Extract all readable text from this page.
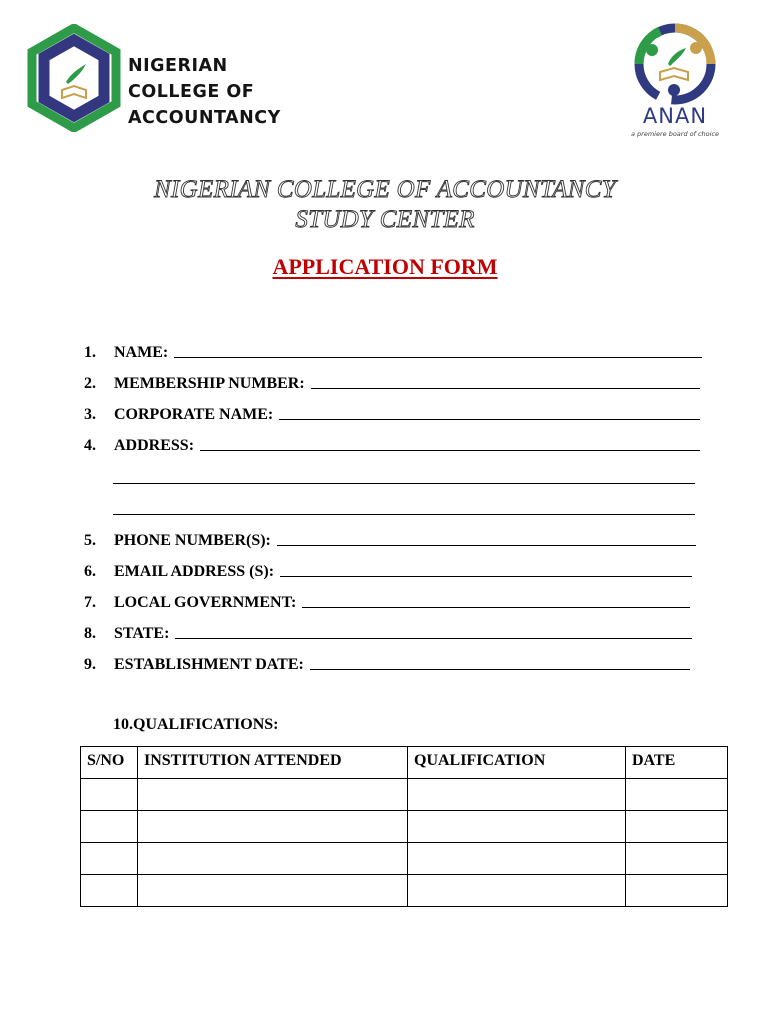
NIGERIAN
COLLEGE OF
ACCOUNTANCY	ANAN
a premiere board of choice
NIGERIAN COLLEGE OF ACCOUNTANCY
STUDY CENTER
APPLICATION FORM
1.	NAME:
2.	MEMBERSHIP NUMBER:
3.	CORPORATE NAME:
4.	ADDRESS:
5.	PHONE NUMBER(S):
6.	EMAIL ADDRESS (S):
7.	LOCAL GOVERNMENT:
8.	STATE:
9.	ESTABLISHMENT DATE:
10.QUALIFICATIONS:
S/NO	INSTITUTION ATTENDED	QUALIFICATION	DATE
